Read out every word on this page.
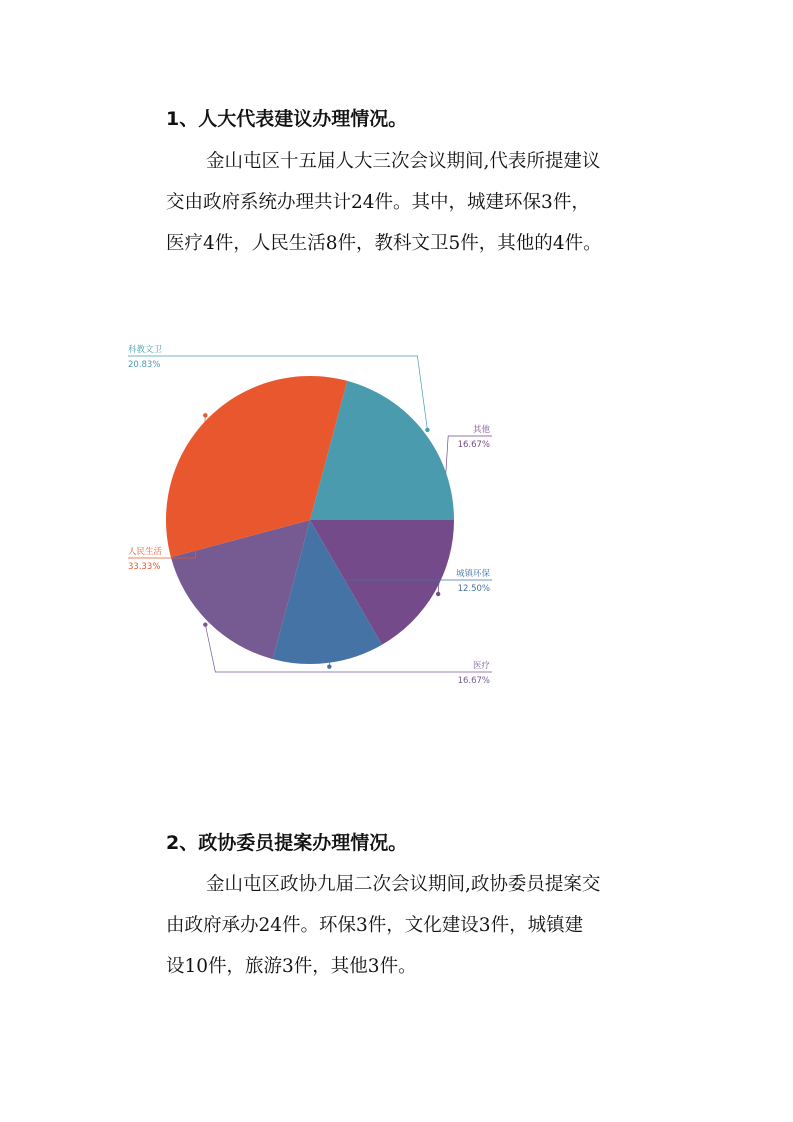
1、人大代表建议办理情况。
金山屯区十五届人大三次会议期间,代表所提建议
交由政府系统办理共计24件。其中，城建环保3件，
医疗4件，人民生活8件，教科文卫5件，其他的4件。
其他
16.67%
城镇环保
12.50%
医疗
16.67%
人民生活
33.33%
科教文卫
20.83%
2、政协委员提案办理情况。
金山屯区政协九届二次会议期间,政协委员提案交
由政府承办24件。环保3件，文化建设3件，城镇建
设10件，旅游3件，其他3件。
